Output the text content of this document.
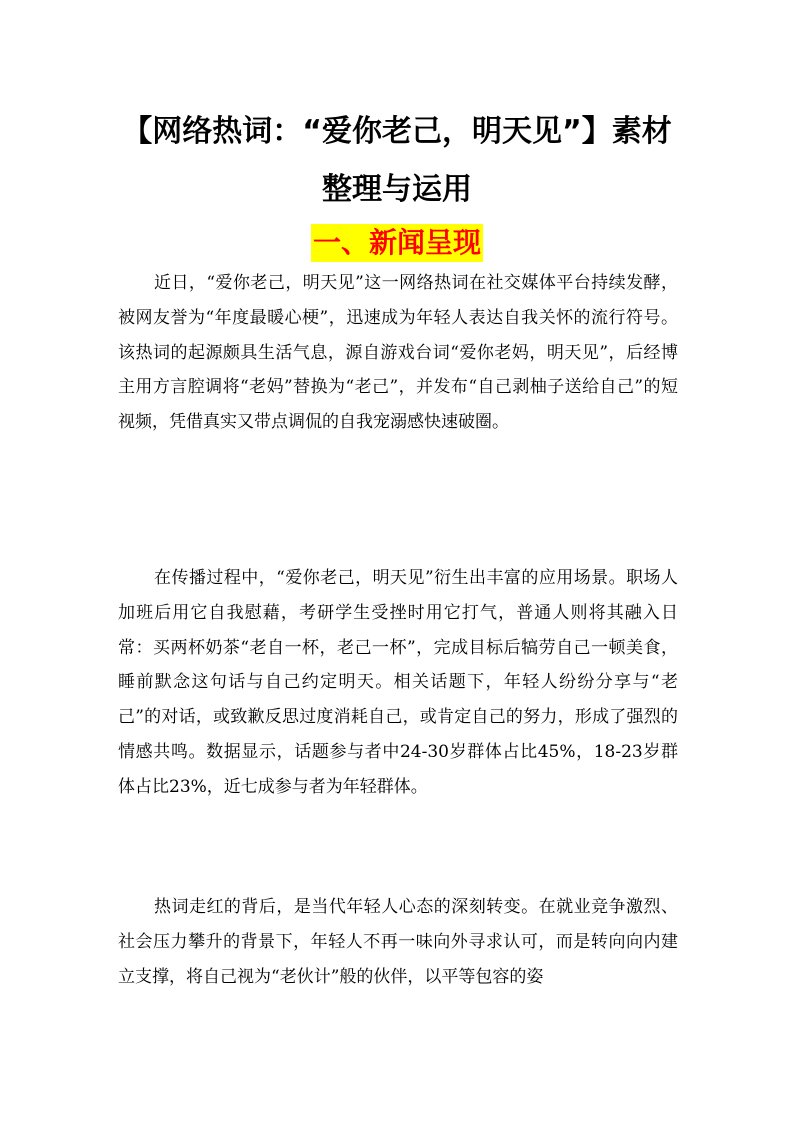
【网络热词：“爱你老己，明天见”】素材
整理与运用
一、新闻呈现

近日，“爱你老己，明天见”这一网络热词在社交媒体平台持续发酵，被网友誉为“年度最暖心梗”，迅速成为年轻人表达自我关怀的流行符号。该热词的起源颇具生活气息，源自游戏台词“爱你老妈，明天见”，后经博主用方言腔调将“老妈”替换为“老己”，并发布“自己剥柚子送给自己”的短视频，凭借真实又带点调侃的自我宠溺感快速破圈。

在传播过程中，“爱你老己，明天见”衍生出丰富的应用场景。职场人加班后用它自我慰藉，考研学生受挫时用它打气，普通人则将其融入日常：买两杯奶茶“老自一杯，老己一杯”，完成目标后犒劳自己一顿美食，睡前默念这句话与自己约定明天。相关话题下，年轻人纷纷分享与“老己”的对话，或致歉反思过度消耗自己，或肯定自己的努力，形成了强烈的情感共鸣。数据显示，话题参与者中24-30岁群体占比45%，18-23岁群体占比23%，近七成参与者为年轻群体。

热词走红的背后，是当代年轻人心态的深刻转变。在就业竞争激烈、社会压力攀升的背景下，年轻人不再一味向外寻求认可，而是转向向内建立支撑，将自己视为“老伙计”般的伙伴，以平等包容的姿
